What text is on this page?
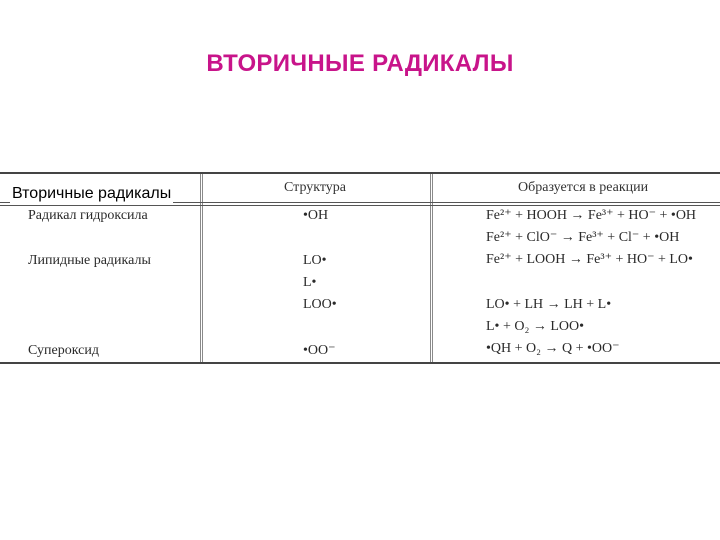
ВТОРИЧНЫЕ РАДИКАЛЫ
Структура	Образуется в реакции
Вторичные радикалы
Радикал гидроксила
Липидные радикалы
Супероксид
•OH
LO•
L•
LOO•
•OO⁻
Fe²⁺ + HOOH → Fe³⁺ + HO⁻ + •OH
Fe²⁺ + ClO⁻ → Fe³⁺ + Cl⁻ + •OH
Fe²⁺ + LOOH → Fe³⁺ + HO⁻ + LO•
LO• + LH → LH + L•
L• + O₂ → LOO•
•QH + O₂ → Q + •OO⁻
